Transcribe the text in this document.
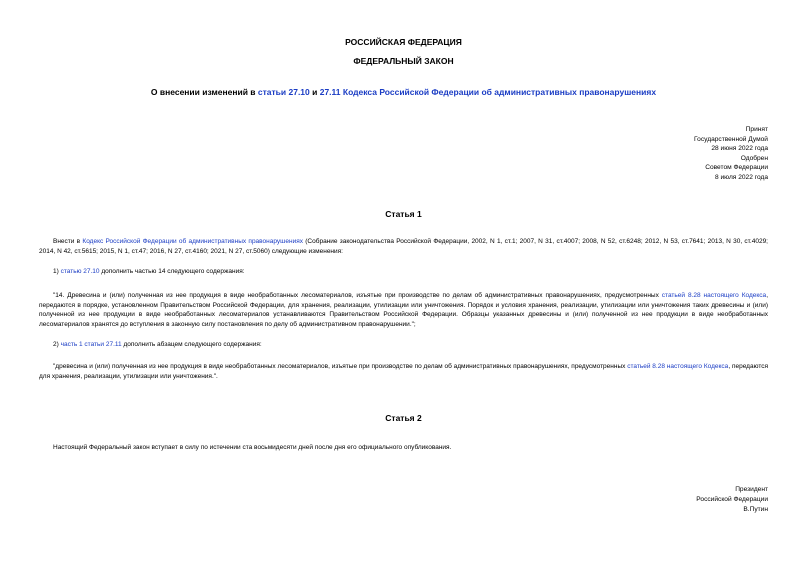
РОССИЙСКАЯ ФЕДЕРАЦИЯ
ФЕДЕРАЛЬНЫЙ ЗАКОН
О внесении изменений в статьи 27.10 и 27.11 Кодекса Российской Федерации об административных правонарушениях
Принят
Государственной Думой
28 июня 2022 года
Одобрен
Советом Федерации
8 июля 2022 года
Статья 1
Внести в Кодекс Российской Федерации об административных правонарушениях (Собрание законодательства Российской Федерации, 2002, N 1, ст.1; 2007, N 31, ст.4007; 2008, N 52, ст.6248; 2012, N 53, ст.7641; 2013, N 30, ст.4029; 2014, N 42, ст.5615; 2015, N 1, ст.47; 2016, N 27, ст.4160; 2021, N 27, ст.5060) следующие изменения:
1) статью 27.10 дополнить частью 14 следующего содержания:
"14. Древесина и (или) полученная из нее продукция в виде необработанных лесоматериалов, изъятые при производстве по делам об административных правонарушениях, предусмотренных статьей 8.28 настоящего Кодекса, передаются в порядке, установленном Правительством Российской Федерации, для хранения, реализации, утилизации или уничтожения. Порядок и условия хранения, реализации, утилизации или уничтожения таких древесины и (или) полученной из нее продукции в виде необработанных лесоматериалов устанавливаются Правительством Российской Федерации. Образцы указанных древесины и (или) полученной из нее продукции в виде необработанных лесоматериалов хранятся до вступления в законную силу постановления по делу об административном правонарушении.";
2) часть 1 статьи 27.11 дополнить абзацем следующего содержания:
"древесина и (или) полученная из нее продукция в виде необработанных лесоматериалов, изъятые при производстве по делам об административных правонарушениях, предусмотренных статьей 8.28 настоящего Кодекса, передаются для хранения, реализации, утилизации или уничтожения.".
Статья 2
Настоящий Федеральный закон вступает в силу по истечении ста восьмидесяти дней после дня его официального опубликования.
Президент
Российской Федерации
В.Путин
